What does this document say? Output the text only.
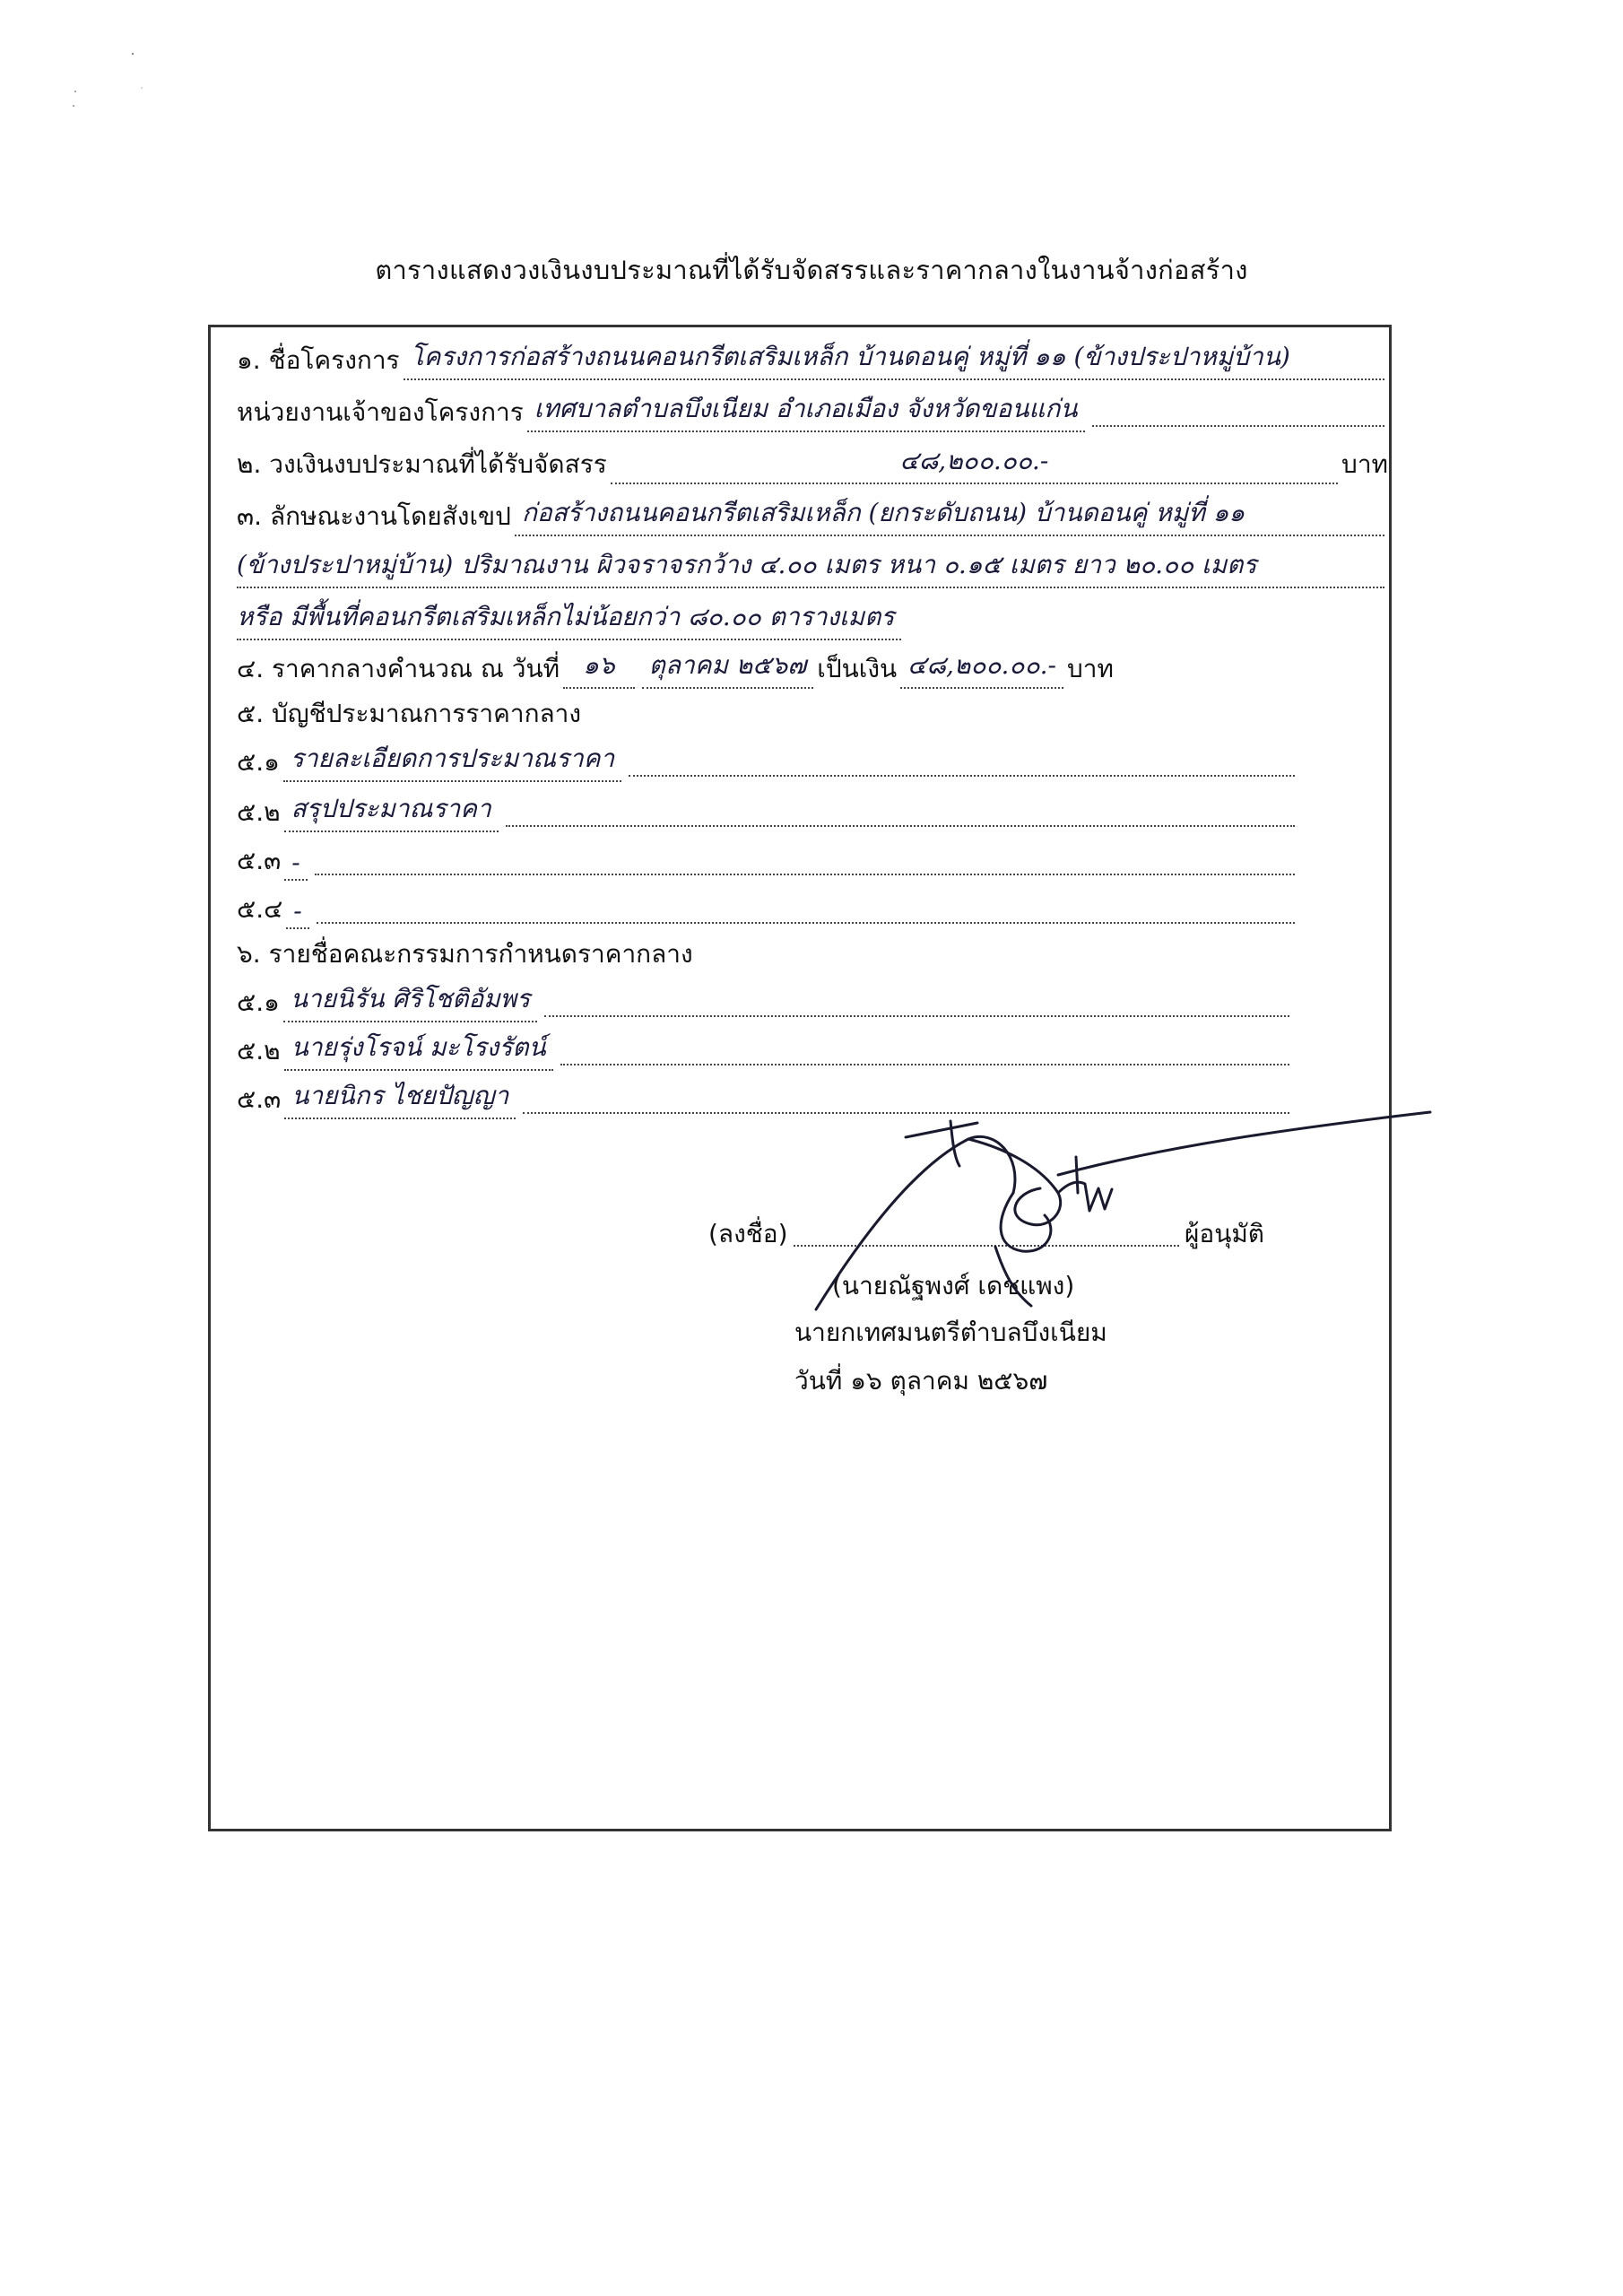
ตารางแสดงวงเงินงบประมาณที่ได้รับจัดสรรและราคากลางในงานจ้างก่อสร้าง
๑. ชื่อโครงการ โครงการก่อสร้างถนนคอนกรีตเสริมเหล็ก บ้านดอนคู่ หมู่ที่ ๑๑ (ข้างประปาหมู่บ้าน)
หน่วยงานเจ้าของโครงการ เทศบาลตำบลบึงเนียม อำเภอเมือง จังหวัดขอนแก่น
๒. วงเงินงบประมาณที่ได้รับจัดสรร	๔๘,๒๐๐.๐๐.-	บาท
๓. ลักษณะงานโดยสังเขป ก่อสร้างถนนคอนกรีตเสริมเหล็ก (ยกระดับถนน) บ้านดอนคู่ หมู่ที่ ๑๑
(ข้างประปาหมู่บ้าน) ปริมาณงาน ผิวจราจรกว้าง ๔.๐๐ เมตร หนา ๐.๑๕ เมตร ยาว ๒๐.๐๐ เมตร
หรือ มีพื้นที่คอนกรีตเสริมเหล็กไม่น้อยกว่า ๘๐.๐๐ ตารางเมตร
๔. ราคากลางคำนวณ ณ วันที่ ๑๖	ตุลาคม ๒๕๖๗ เป็นเงิน ๔๘,๒๐๐.๐๐.- บาท
๕. บัญชีประมาณการราคากลาง
๕.๑ รายละเอียดการประมาณราคา
๕.๒ สรุปประมาณราคา
๕.๓ -
๕.๔ -
๖. รายชื่อคณะกรรมการกำหนดราคากลาง
๕.๑ นายนิรัน ศิริโชติอัมพร
๕.๒ นายรุ่งโรจน์ มะโรงรัตน์
๕.๓ นายนิกร ไชยปัญญา
(ลงชื่อ)	ผู้อนุมัติ
(นายณัฐพงศ์ เดชแพง)
นายกเทศมนตรีตำบลบึงเนียม
วันที่ ๑๖ ตุลาคม ๒๕๖๗
